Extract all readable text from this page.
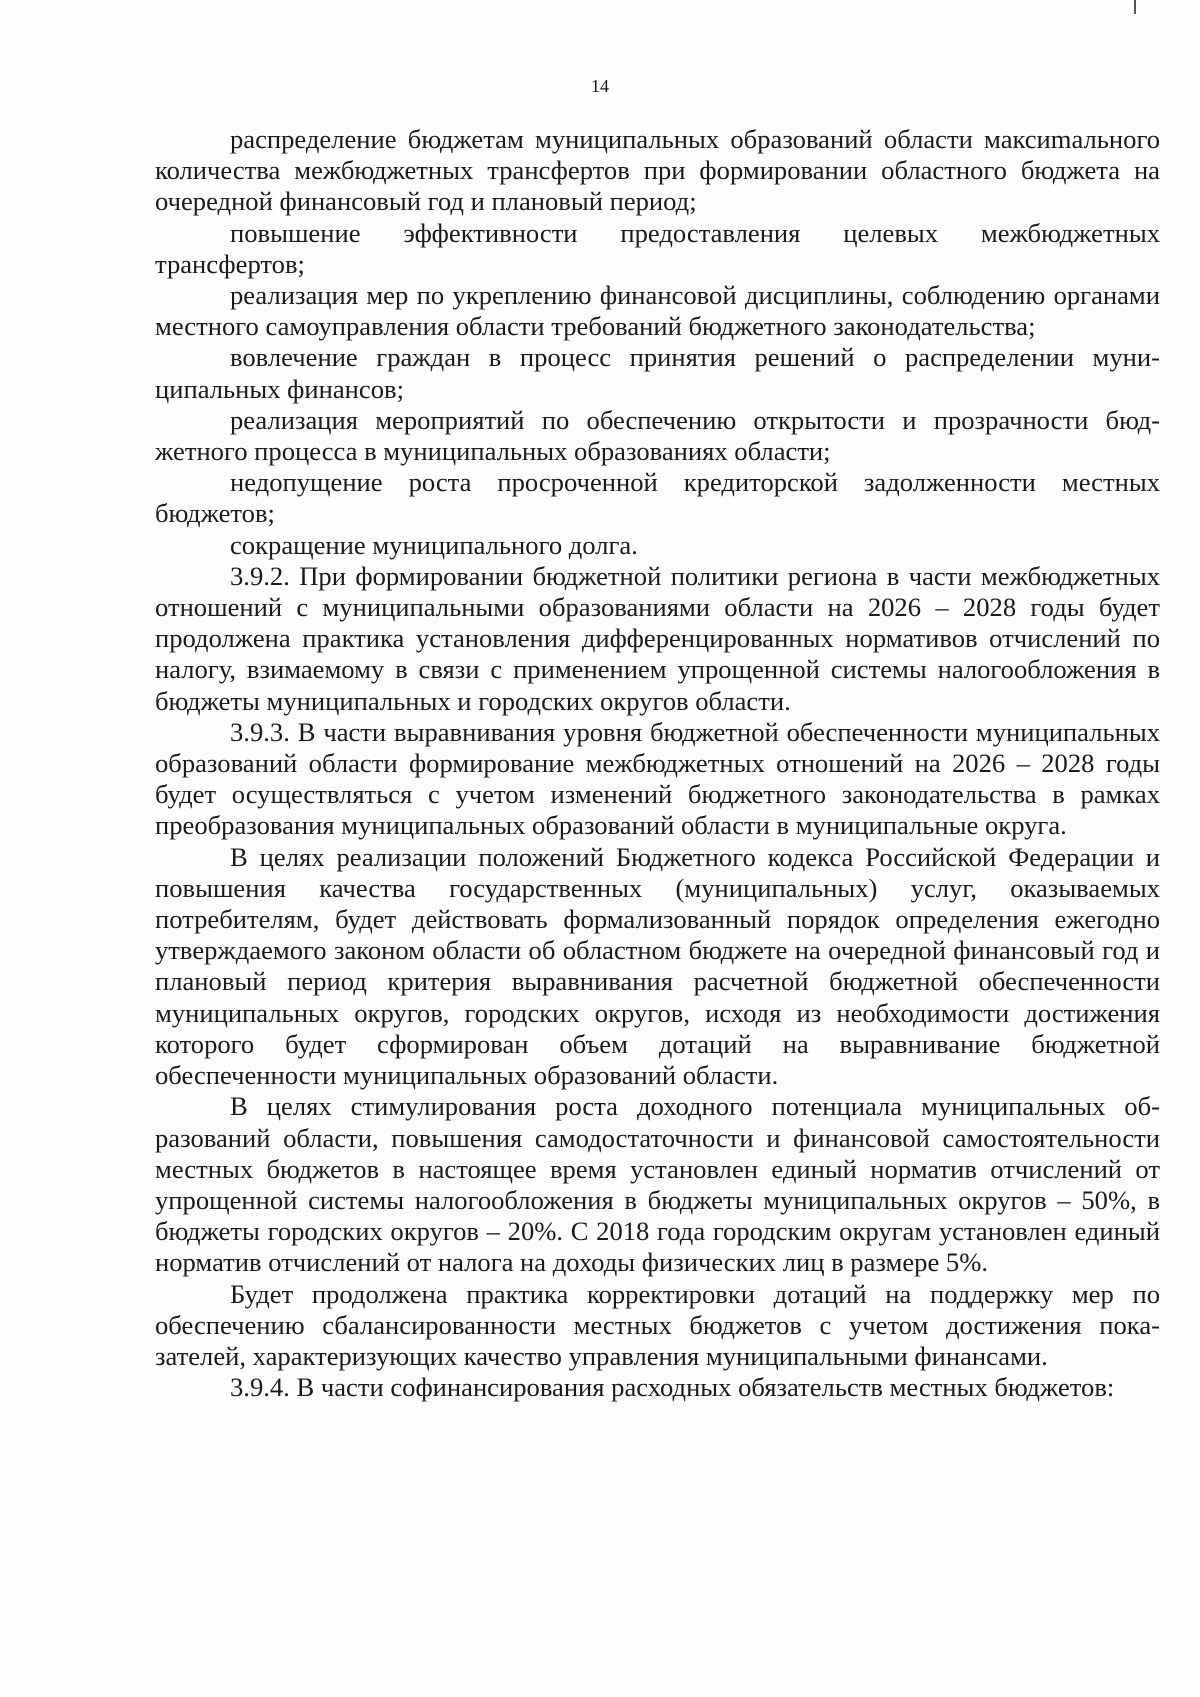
14

распределение бюджетам муниципальных образований области максиmального количества межбюджетных трансфертов при формировании областного бюджета на очередной финансовый год и плановый период;

повышение эффективности предоставления целевых межбюджетных трансфертов;

реализация мер по укреплению финансовой дисциплины, соблюдению органами местного самоуправления области требований бюджетного законодательства;

вовлечение граждан в процесс принятия решений о распределении муниципальных финансов;

реализация мероприятий по обеспечению открытости и прозрачности бюджетного процесса в муниципальных образованиях области;

недопущение роста просроченной кредиторской задолженности местных бюджетов;

сокращение муниципального долга.

3.9.2. При формировании бюджетной политики региона в части межбюджетных отношений с муниципальными образованиями области на 2026 – 2028 годы будет продолжена практика установления дифференцированных нормативов отчислений по налогу, взимаемому в связи с применением упрощенной системы налогообложения в бюджеты муниципальных и городских округов области.

3.9.3. В части выравнивания уровня бюджетной обеспеченности муниципальных образований области формирование межбюджетных отношений на 2026 – 2028 годы будет осуществляться с учетом изменений бюджетного законодательства в рамках преобразования муниципальных образований области в муниципальные округа.

В целях реализации положений Бюджетного кодекса Российской Федерации и повышения качества государственных (муниципальных) услуг, оказываемых потребителям, будет действовать формализованный порядок определения ежегодно утверждаемого законом области об областном бюджете на очередной финансовый год и плановый период критерия выравнивания расчетной бюджетной обеспеченности муниципальных округов, городских округов, исходя из необходимости достижения которого будет сформирован объем дотаций на выравнивание бюджетной обеспеченности муниципальных образований области.

В целях стимулирования роста доходного потенциала муниципальных образований области, повышения самодостаточности и финансовой самостоятельности местных бюджетов в настоящее время установлен единый норматив отчислений от упрощенной системы налогообложения в бюджеты муниципальных округов – 50%, в бюджеты городских округов – 20%. С 2018 года городским округам установлен единый норматив отчислений от налога на доходы физических лиц в размере 5%.

Будет продолжена практика корректировки дотаций на поддержку мер по обеспечению сбалансированности местных бюджетов с учетом достижения показателей, характеризующих качество управления муниципальными финансами.

3.9.4. В части софинансирования расходных обязательств местных бюджетов:
